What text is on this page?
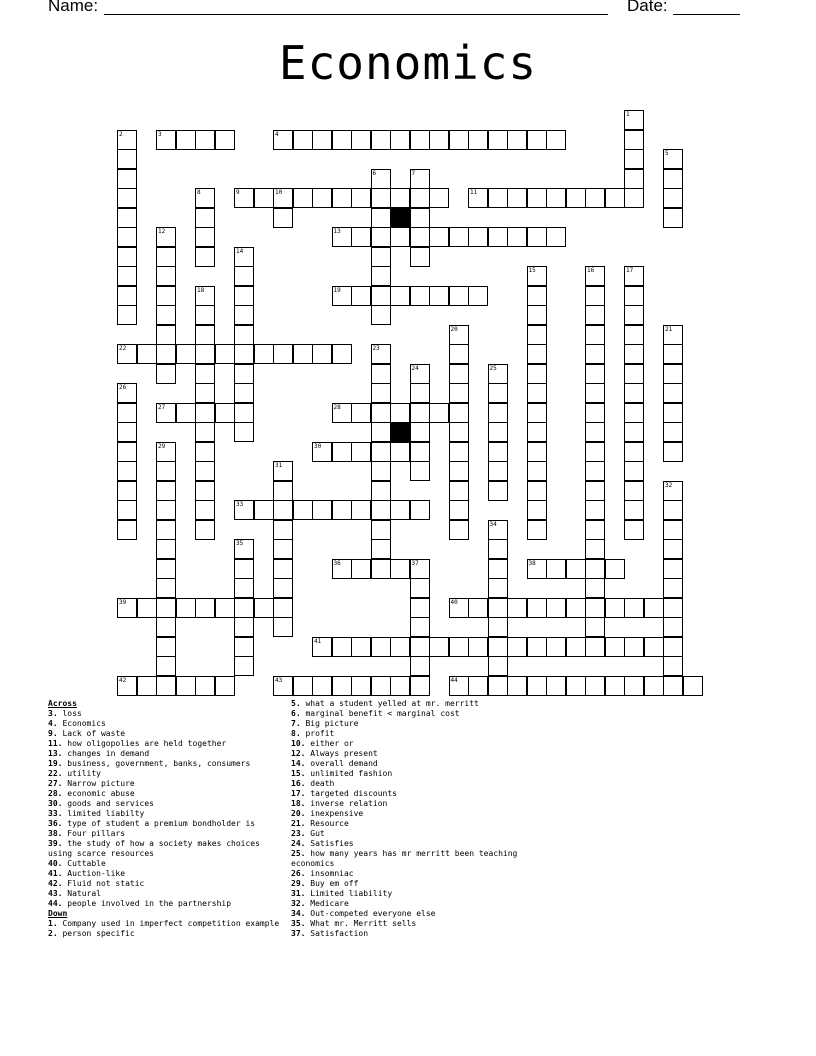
Name:	Date:
Economics
1
2	3	4
5
6	7
8	9	10	11
12	13
14
15	16	17
18	19
20	21
22	23
24	25
26
27	28
29	30
31
32
33
34
35
36	37	38
39	40
41
42	43	44
Across
3. loss
4. Economics
9. Lack of waste
11. how oligopolies are held together
13. changes in demand
19. business, government, banks, consumers
22. utility
27. Narrow picture
28. economic abuse
30. goods and services
33. limited liabilty
36. type of student a premium bondholder is
38. Four pillars
39. the study of how a society makes choices using scarce resources
40. Cuttable
41. Auction-like
42. Fluid not static
43. Natural
44. people involved in the partnership
Down
1. Company used in imperfect competition example
2. person specific
5. what a student yelled at mr. merritt
6. marginal benefit < marginal cost
7. Big picture
8. profit
10. either or
12. Always present
14. overall demand
15. unlimited fashion
16. death
17. targeted discounts
18. inverse relation
20. inexpensive
21. Resource
23. Gut
24. Satisfies
25. how many years has mr merritt been teaching economics
26. insomniac
29. Buy em off
31. Limited liability
32. Medicare
34. Out-competed everyone else
35. What mr. Merritt sells
37. Satisfaction
